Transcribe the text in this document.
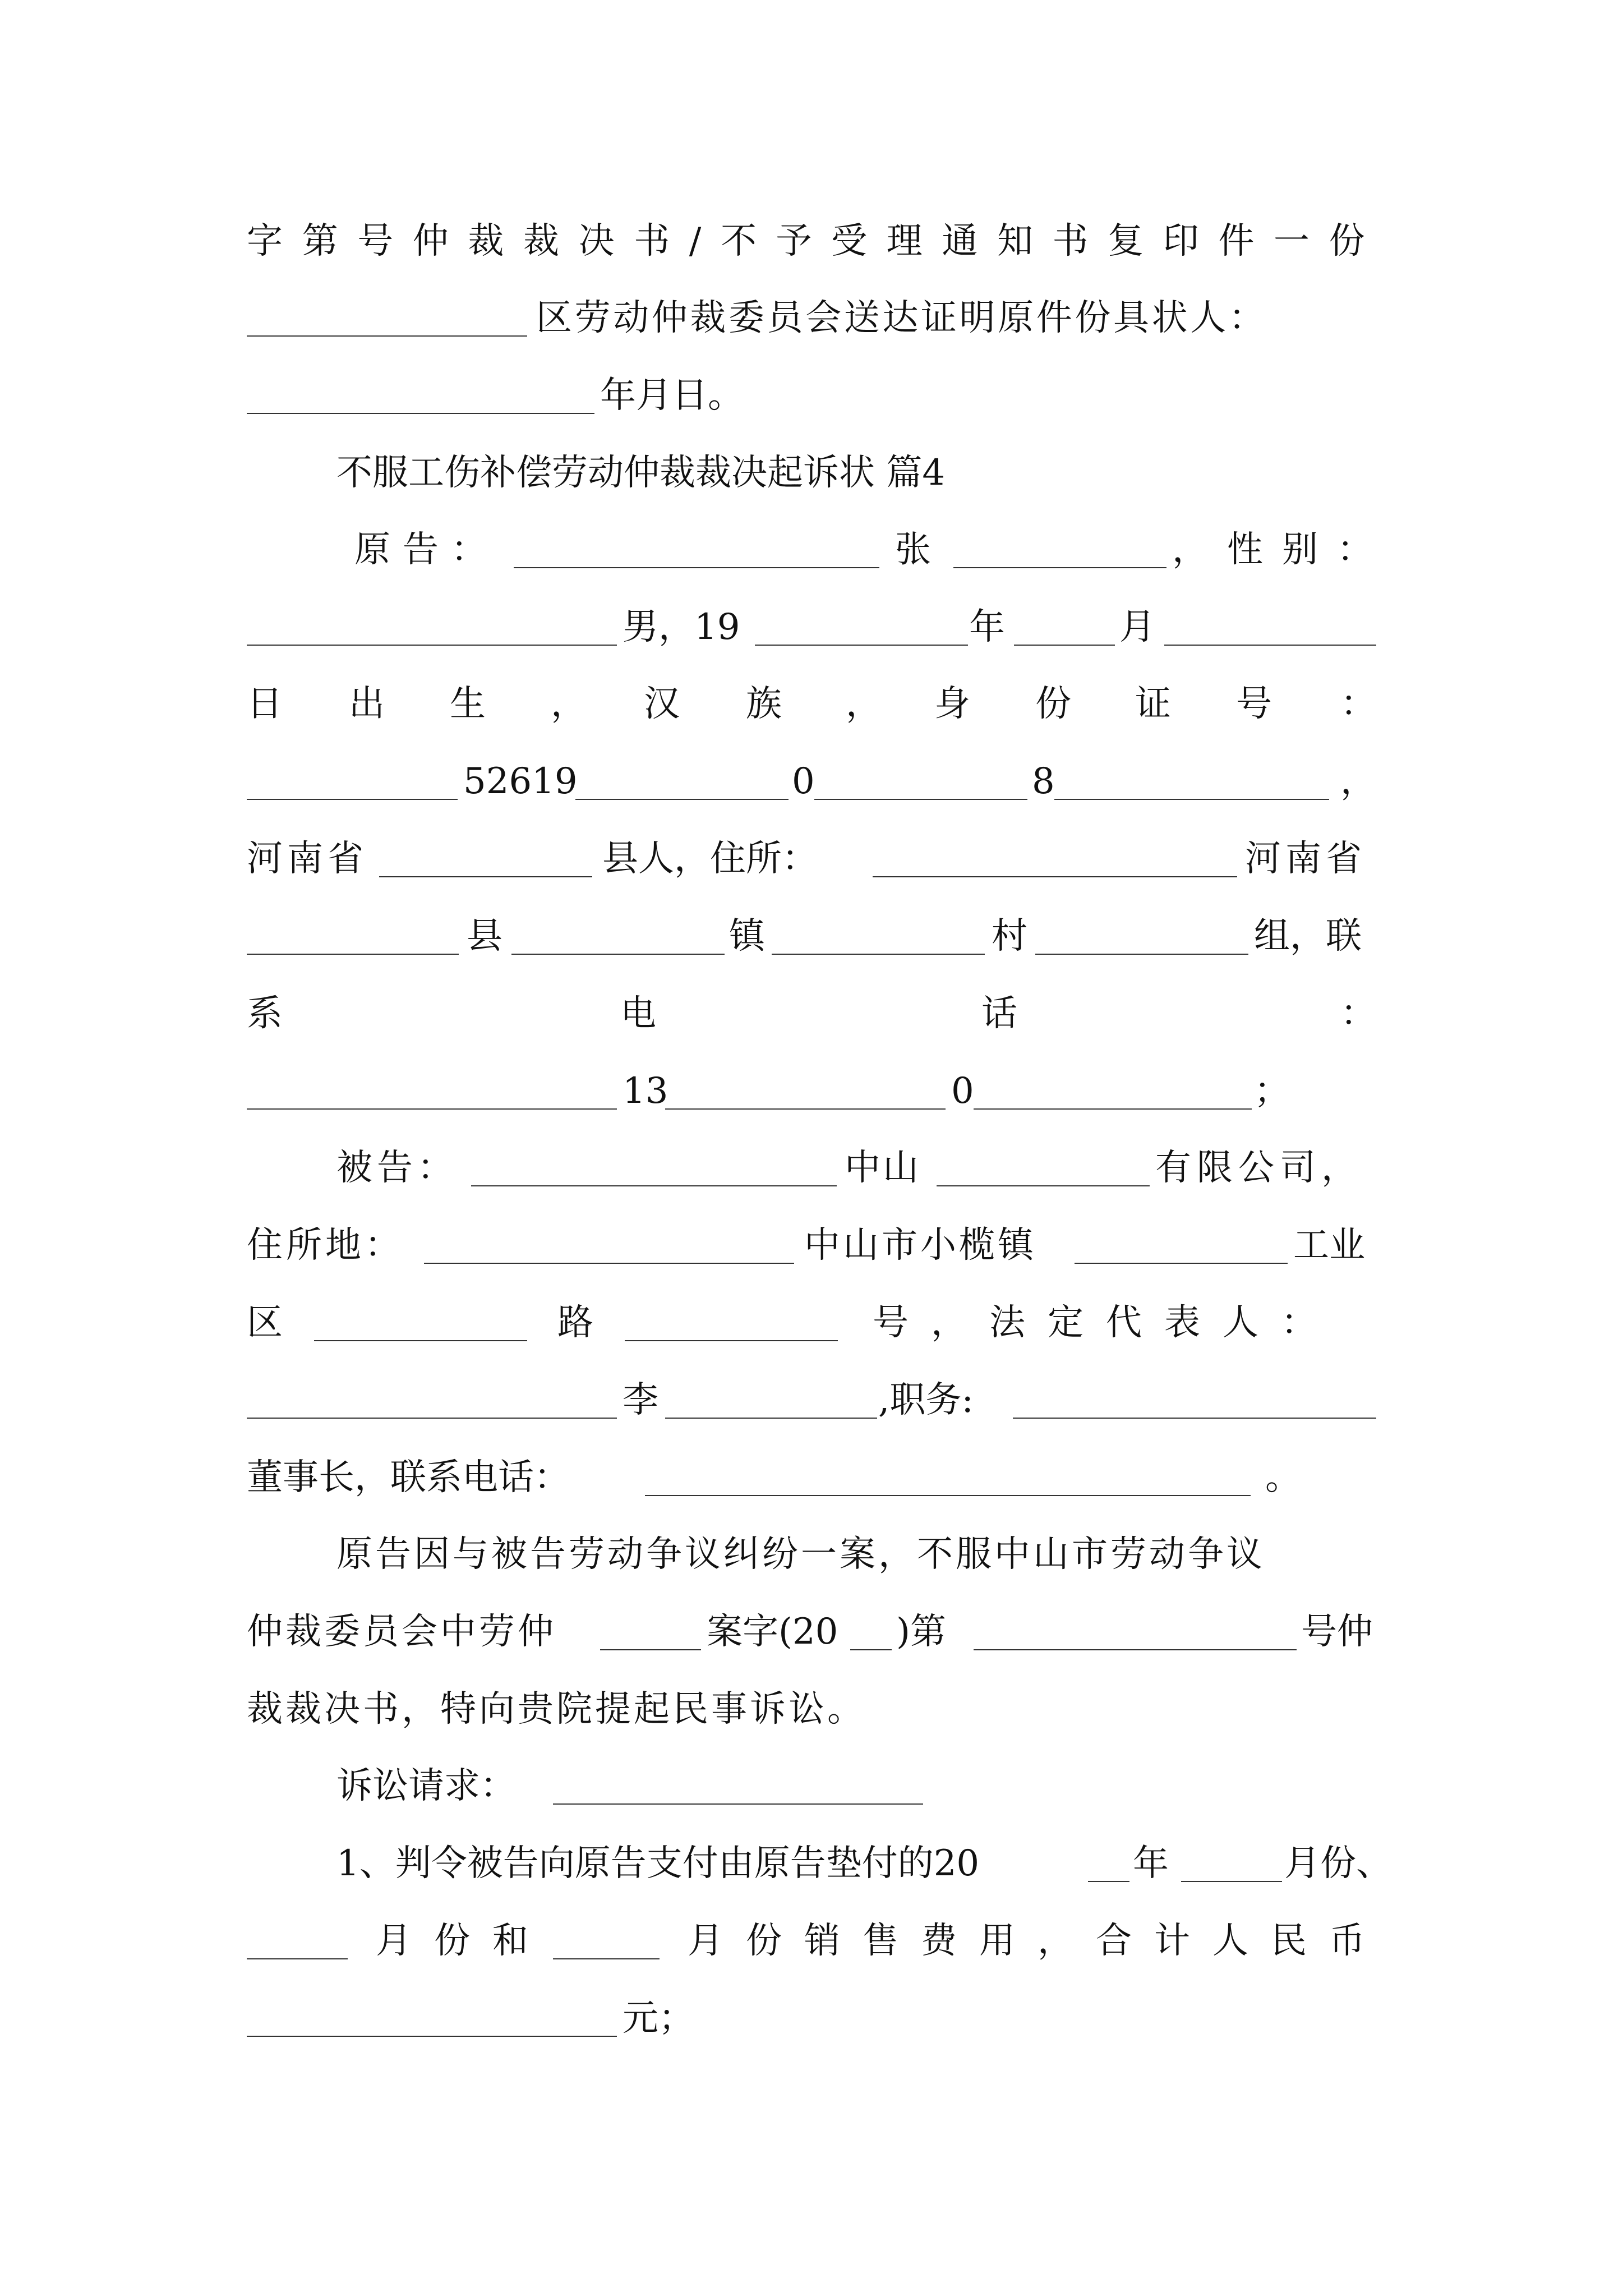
字第号仲裁裁决书/不予受理通知书复印件一份
区劳动仲裁委员会送达证明原件份具状人：
年月日。
不服工伤补偿劳动仲裁裁决起诉状 篇4
原告：	张	，性别：
男，19	年	月
日 出 生 ， 汉 族 ， 身 份 证 号 ：
52619	0	8	，
河南省	县人，住所：	河南省
县	镇	村	组，联
系	电	话	：
13	0	；
被告：	中山	有限公司，
住所地：	中山市小榄镇	工业
区	路	号，法定代表人：
李	,职务:
董事长，联系电话：	。
原告因与被告劳动争议纠纷一案，不服中山市劳动争议
仲裁委员会中劳仲	案字(20 )第	号仲
裁裁决书，特向贵院提起民事诉讼。
诉讼请求：
1、判令被告向原告支付由原告垫付的20	年	月份、
月份和	月份销售费用，合计人民币
元；
